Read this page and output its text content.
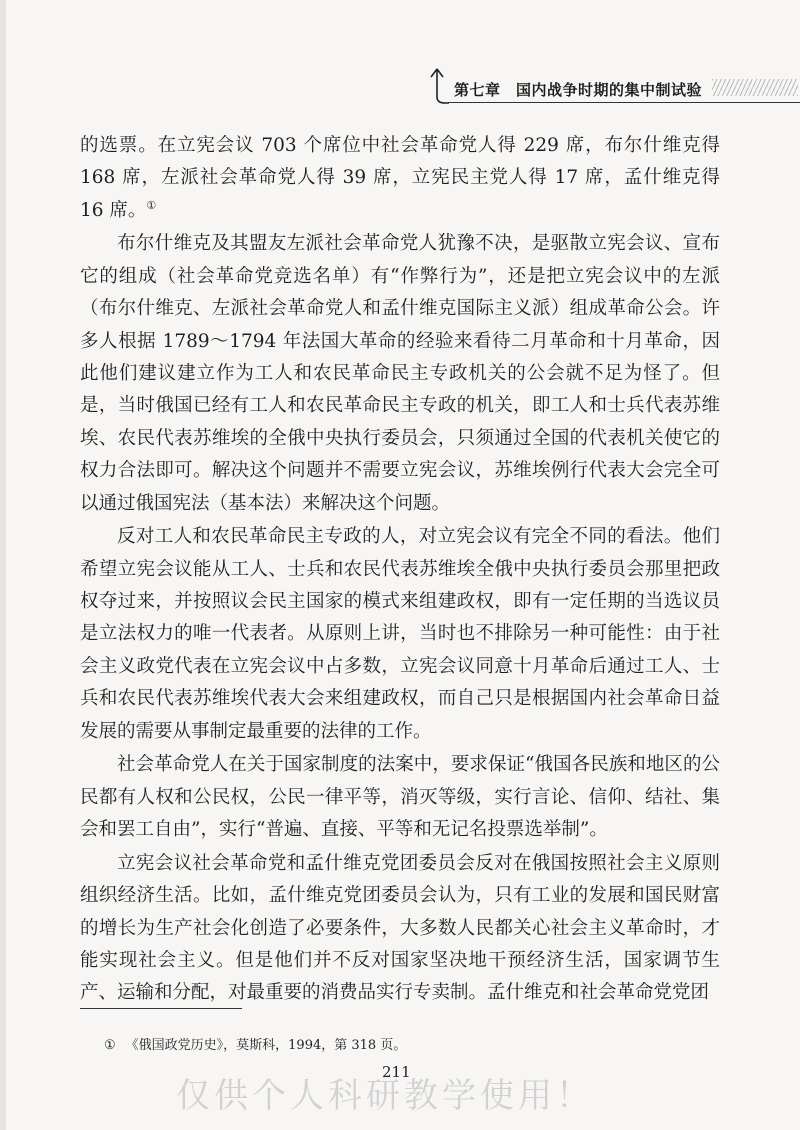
第七章　国内战争时期的集中制试验

的选票。在立宪会议 703 个席位中社会革命党人得 229 席，布尔什维克得 168 席，左派社会革命党人得 39 席，立宪民主党人得 17 席，孟什维克得 16 席。①

布尔什维克及其盟友左派社会革命党人犹豫不决，是驱散立宪会议、宣布它的组成（社会革命党竞选名单）有“作弊行为”，还是把立宪会议中的左派（布尔什维克、左派社会革命党人和孟什维克国际主义派）组成革命公会。许多人根据 1789～1794 年法国大革命的经验来看待二月革命和十月革命，因此他们建议建立作为工人和农民革命民主专政机关的公会就不足为怪了。但是，当时俄国已经有工人和农民革命民主专政的机关，即工人和士兵代表苏维埃、农民代表苏维埃的全俄中央执行委员会，只须通过全国的代表机关使它的权力合法即可。解决这个问题并不需要立宪会议，苏维埃例行代表大会完全可以通过俄国宪法（基本法）来解决这个问题。

反对工人和农民革命民主专政的人，对立宪会议有完全不同的看法。他们希望立宪会议能从工人、士兵和农民代表苏维埃全俄中央执行委员会那里把政权夺过来，并按照议会民主国家的模式来组建政权，即有一定任期的当选议员是立法权力的唯一代表者。从原则上讲，当时也不排除另一种可能性：由于社会主义政党代表在立宪会议中占多数，立宪会议同意十月革命后通过工人、士兵和农民代表苏维埃代表大会来组建政权，而自己只是根据国内社会革命日益发展的需要从事制定最重要的法律的工作。

社会革命党人在关于国家制度的法案中，要求保证“俄国各民族和地区的公民都有人权和公民权，公民一律平等，消灭等级，实行言论、信仰、结社、集会和罢工自由”，实行“普遍、直接、平等和无记名投票选举制”。

立宪会议社会革命党和孟什维克党团委员会反对在俄国按照社会主义原则组织经济生活。比如，孟什维克党团委员会认为，只有工业的发展和国民财富的增长为生产社会化创造了必要条件，大多数人民都关心社会主义革命时，才能实现社会主义。但是他们并不反对国家坚决地干预经济生活，国家调节生产、运输和分配，对最重要的消费品实行专卖制。孟什维克和社会革命党党团

① 《俄国政党历史》，莫斯科，1994，第 318 页。
211
仅供个人科研教学使用！
